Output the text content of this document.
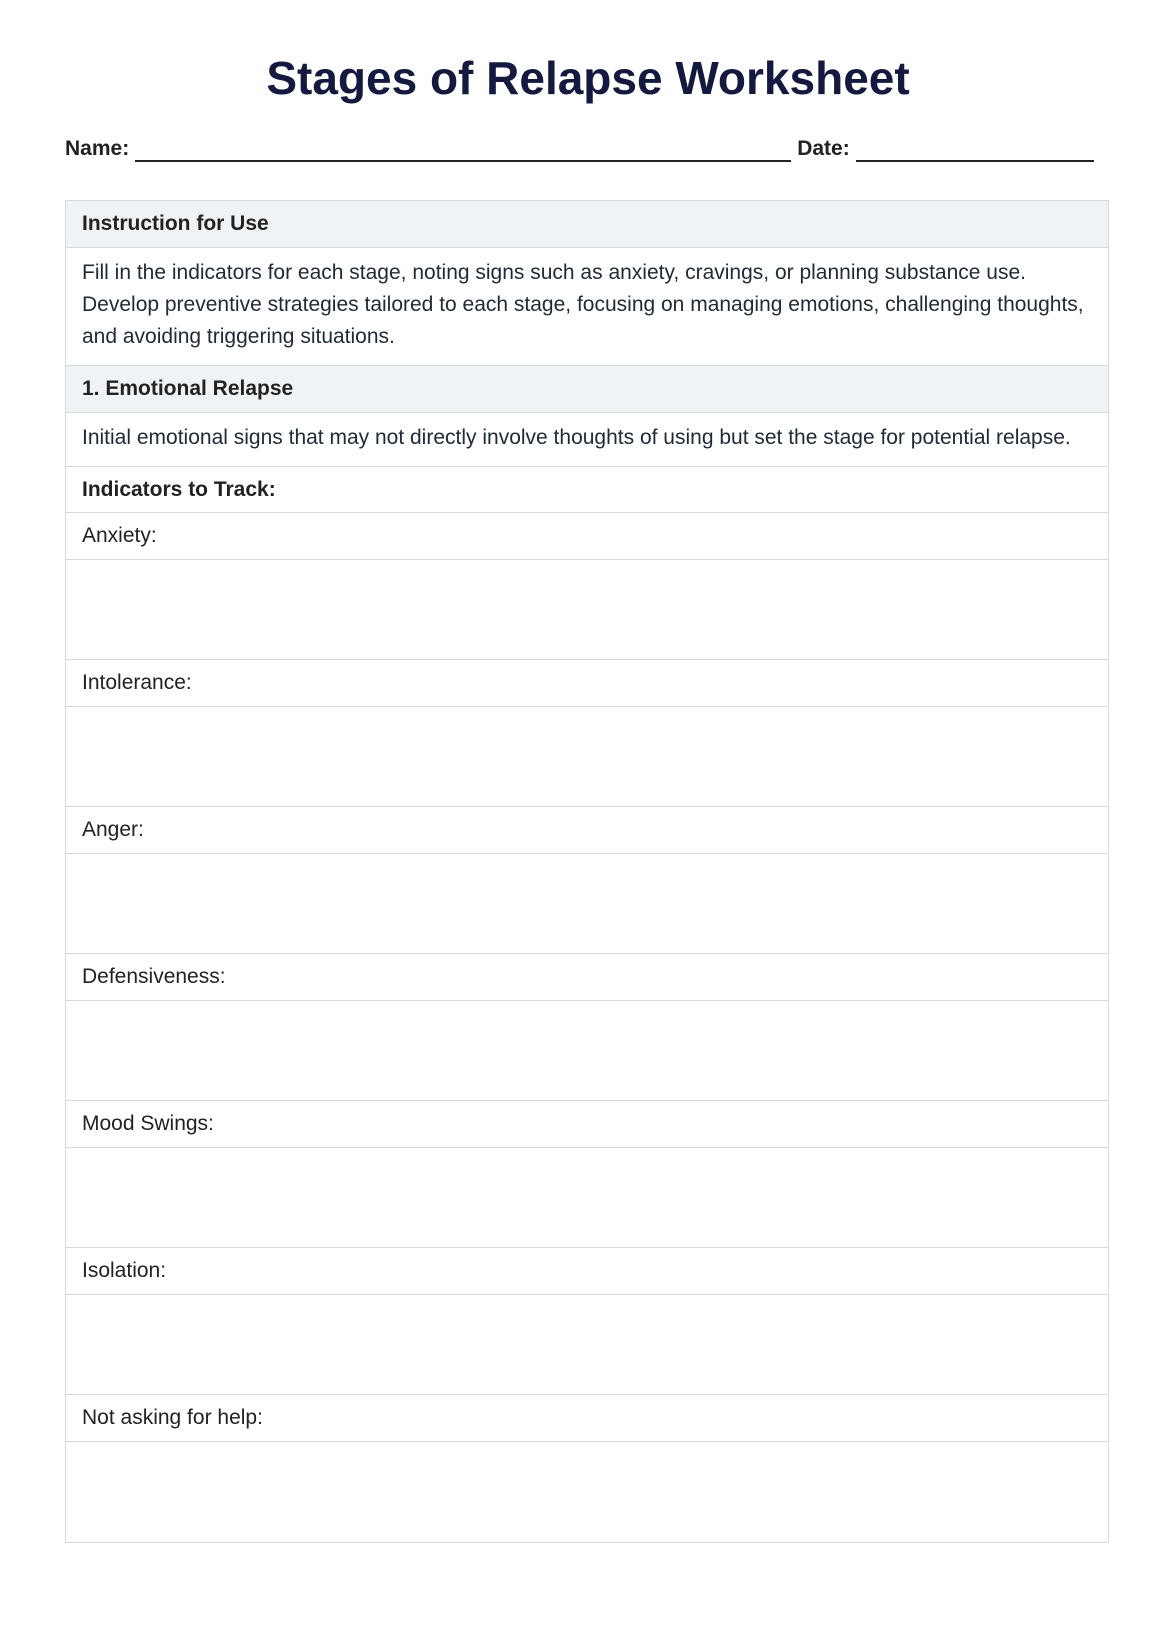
Stages of Relapse Worksheet
Name:	Date:
Instruction for Use
Fill in the indicators for each stage, noting signs such as anxiety, cravings, or planning substance use. Develop preventive strategies tailored to each stage, focusing on managing emotions, challenging thoughts, and avoiding triggering situations.
1. Emotional Relapse
Initial emotional signs that may not directly involve thoughts of using but set the stage for potential relapse.
Indicators to Track:
Anxiety:
Intolerance:
Anger:
Defensiveness:
Mood Swings:
Isolation:
Not asking for help:
